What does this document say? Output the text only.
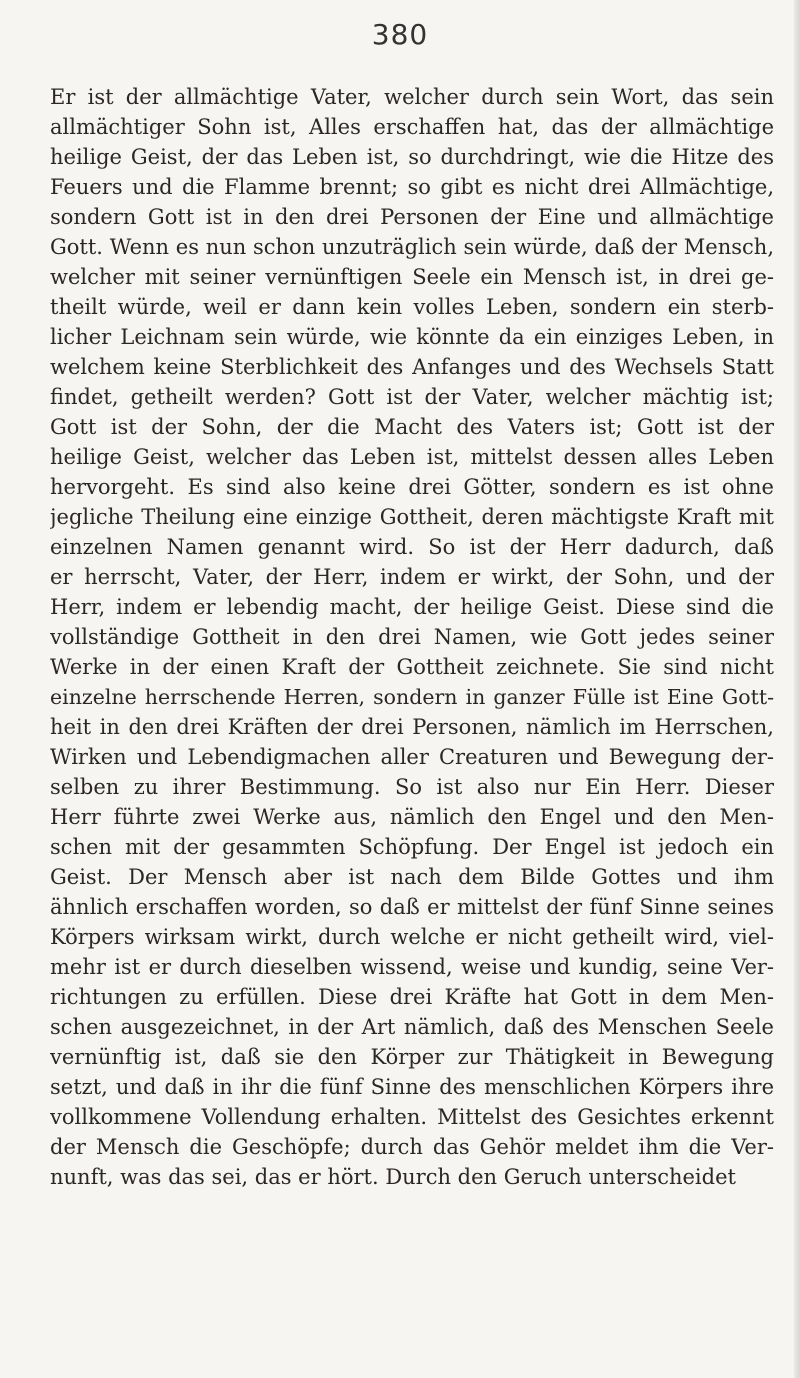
380
Er ist der allmächtige Vater, welcher durch sein Wort, das sein
allmächtiger Sohn ist, Alles erschaffen hat, das der allmächtige
heilige Geist, der das Leben ist, so durchdringt, wie die Hitze des
Feuers und die Flamme brennt; so gibt es nicht drei Allmächtige,
sondern Gott ist in den drei Personen der Eine und allmächtige
Gott. Wenn es nun schon unzuträglich sein würde, daß der Mensch,
welcher mit seiner vernünftigen Seele ein Mensch ist, in drei ge-
theilt würde, weil er dann kein volles Leben, sondern ein sterb-
licher Leichnam sein würde, wie könnte da ein einziges Leben, in
welchem keine Sterblichkeit des Anfanges und des Wechsels Statt
findet, getheilt werden? Gott ist der Vater, welcher mächtig ist;
Gott ist der Sohn, der die Macht des Vaters ist; Gott ist der
heilige Geist, welcher das Leben ist, mittelst dessen alles Leben
hervorgeht. Es sind also keine drei Götter, sondern es ist ohne
jegliche Theilung eine einzige Gottheit, deren mächtigste Kraft mit
einzelnen Namen genannt wird. So ist der Herr dadurch, daß
er herrscht, Vater, der Herr, indem er wirkt, der Sohn, und der
Herr, indem er lebendig macht, der heilige Geist. Diese sind die
vollständige Gottheit in den drei Namen, wie Gott jedes seiner
Werke in der einen Kraft der Gottheit zeichnete. Sie sind nicht
einzelne herrschende Herren, sondern in ganzer Fülle ist Eine Gott-
heit in den drei Kräften der drei Personen, nämlich im Herrschen,
Wirken und Lebendigmachen aller Creaturen und Bewegung der-
selben zu ihrer Bestimmung. So ist also nur Ein Herr. Dieser
Herr führte zwei Werke aus, nämlich den Engel und den Men-
schen mit der gesammten Schöpfung. Der Engel ist jedoch ein
Geist. Der Mensch aber ist nach dem Bilde Gottes und ihm
ähnlich erschaffen worden, so daß er mittelst der fünf Sinne seines
Körpers wirksam wirkt, durch welche er nicht getheilt wird, viel-
mehr ist er durch dieselben wissend, weise und kundig, seine Ver-
richtungen zu erfüllen. Diese drei Kräfte hat Gott in dem Men-
schen ausgezeichnet, in der Art nämlich, daß des Menschen Seele
vernünftig ist, daß sie den Körper zur Thätigkeit in Bewegung
setzt, und daß in ihr die fünf Sinne des menschlichen Körpers ihre
vollkommene Vollendung erhalten. Mittelst des Gesichtes erkennt
der Mensch die Geschöpfe; durch das Gehör meldet ihm die Ver-
nunft, was das sei, das er hört. Durch den Geruch unterscheidet
